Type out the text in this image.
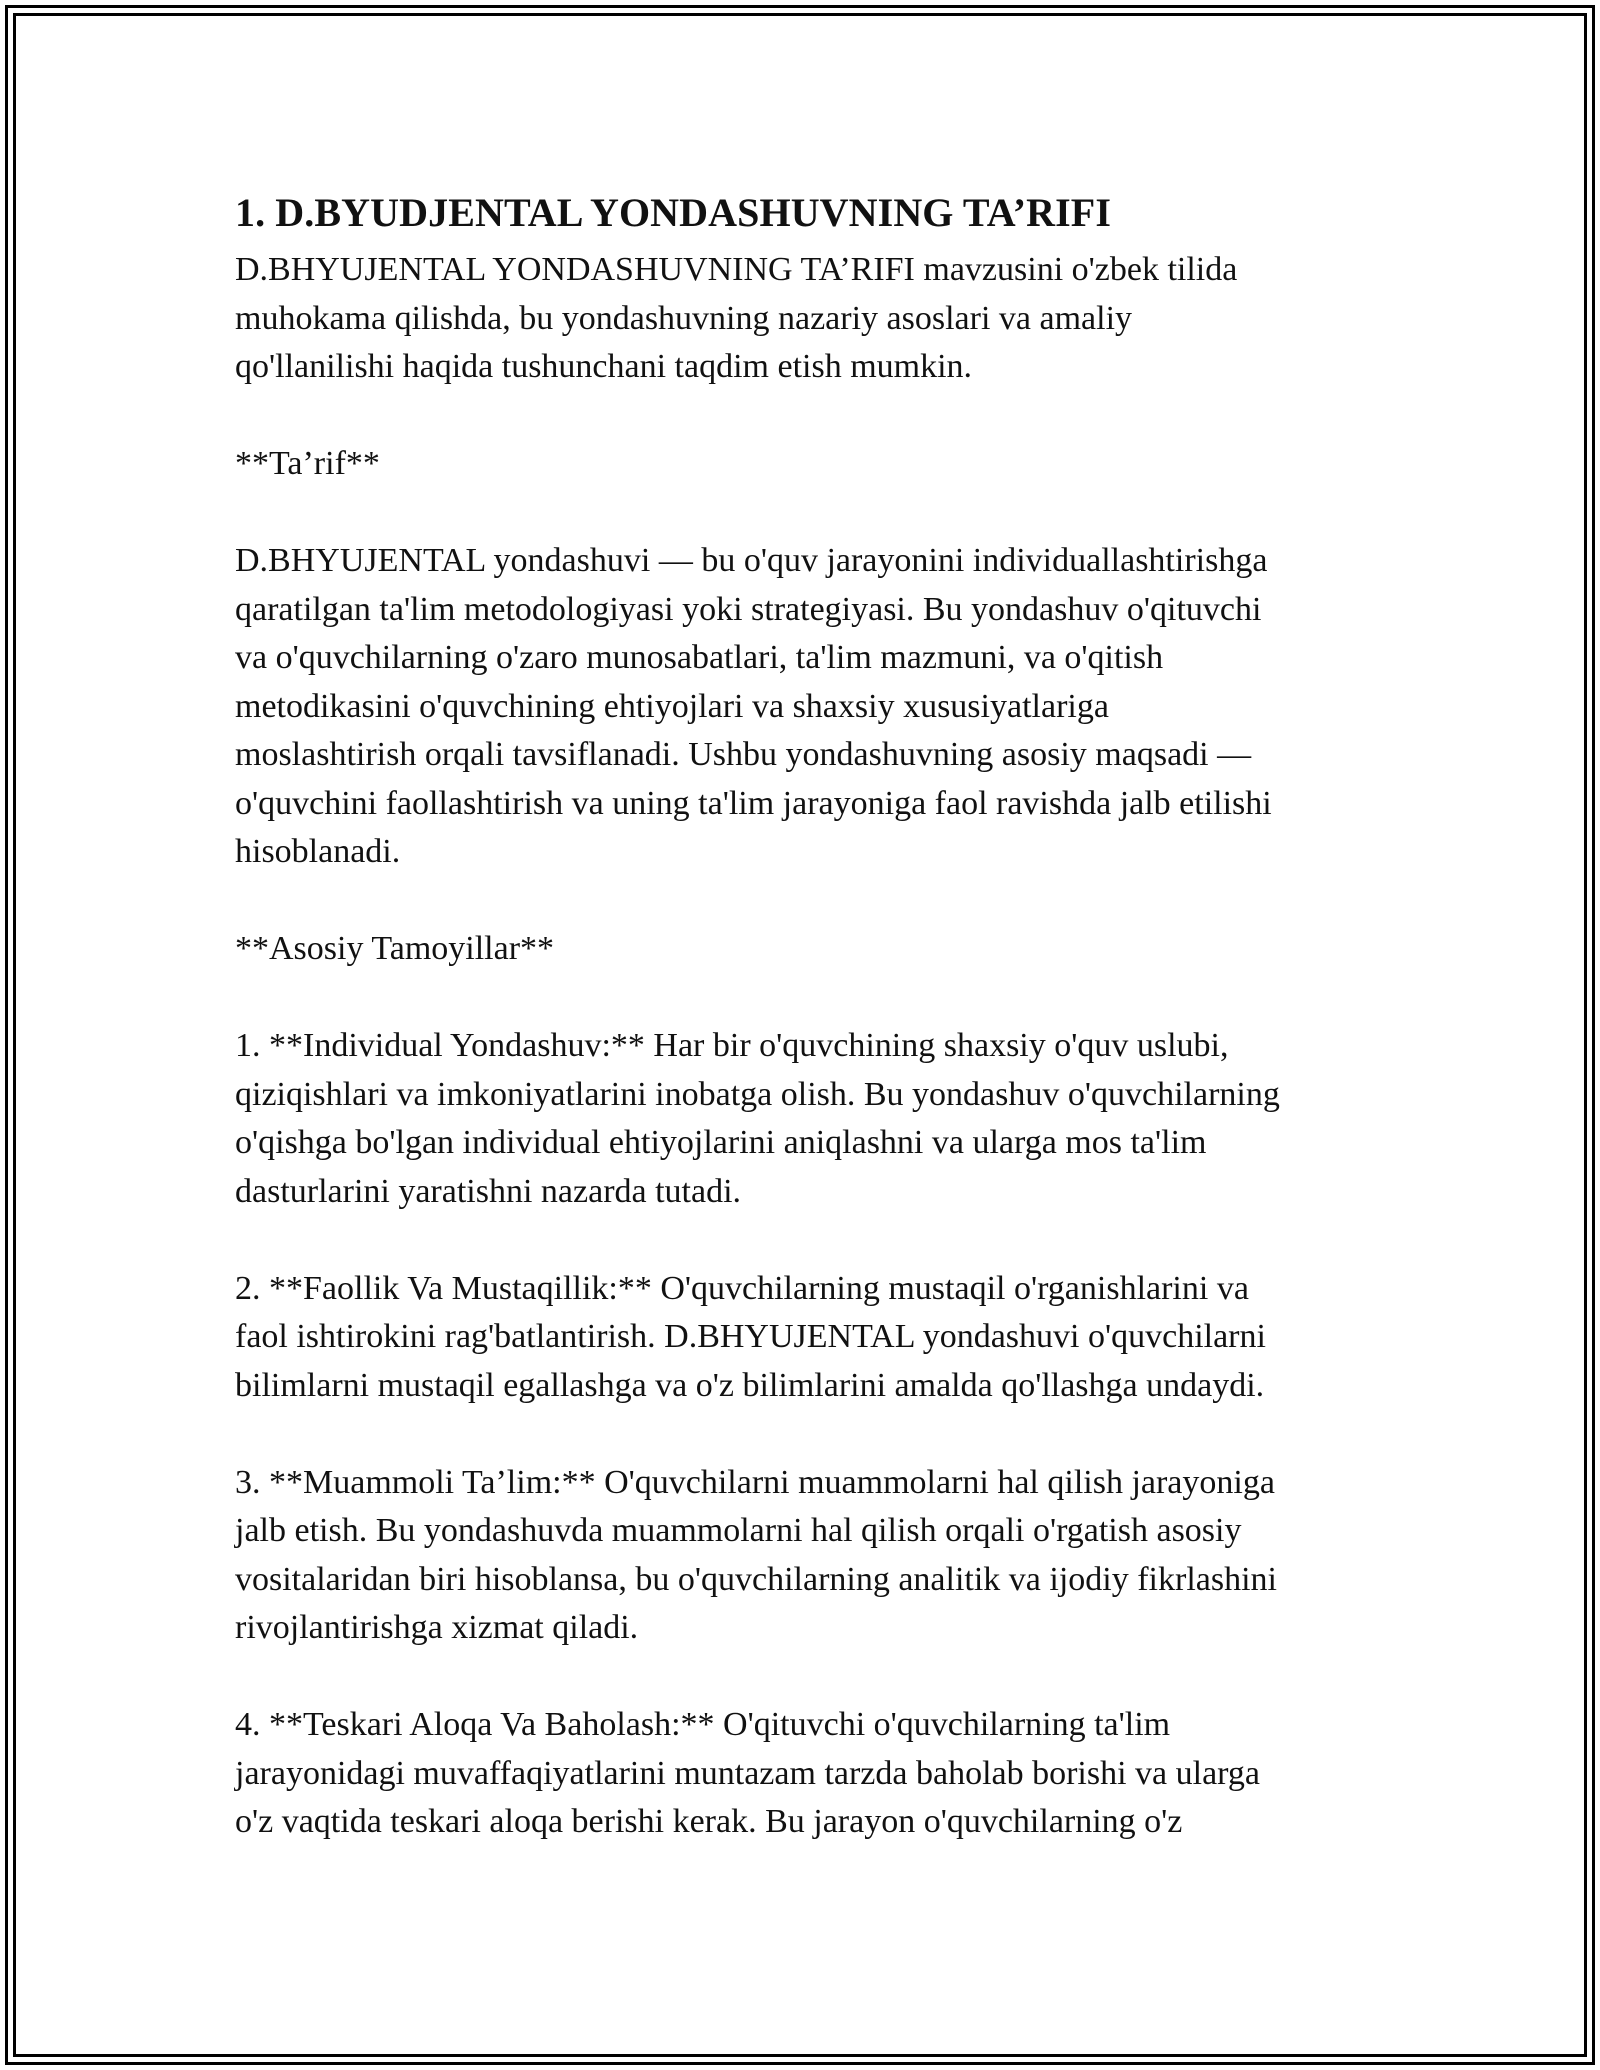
1. D.BYUDJENTAL YONDASHUVNING TA’RIFI
D.BHYUJENTAL YONDASHUVNING TA’RIFI mavzusini o'zbek tilida
muhokama qilishda, bu yondashuvning nazariy asoslari va amaliy
qo'llanilishi haqida tushunchani taqdim etish mumkin.
**Ta’rif**
D.BHYUJENTAL yondashuvi — bu o'quv jarayonini individuallashtirishga
qaratilgan ta'lim metodologiyasi yoki strategiyasi. Bu yondashuv o'qituvchi
va o'quvchilarning o'zaro munosabatlari, ta'lim mazmuni, va o'qitish
metodikasini o'quvchining ehtiyojlari va shaxsiy xususiyatlariga
moslashtirish orqali tavsiflanadi. Ushbu yondashuvning asosiy maqsadi —
o'quvchini faollashtirish va uning ta'lim jarayoniga faol ravishda jalb etilishi
hisoblanadi.
**Asosiy Tamoyillar**
1. **Individual Yondashuv:** Har bir o'quvchining shaxsiy o'quv uslubi,
qiziqishlari va imkoniyatlarini inobatga olish. Bu yondashuv o'quvchilarning
o'qishga bo'lgan individual ehtiyojlarini aniqlashni va ularga mos ta'lim
dasturlarini yaratishni nazarda tutadi.
2. **Faollik Va Mustaqillik:** O'quvchilarning mustaqil o'rganishlarini va
faol ishtirokini rag'batlantirish. D.BHYUJENTAL yondashuvi o'quvchilarni
bilimlarni mustaqil egallashga va o'z bilimlarini amalda qo'llashga undaydi.
3. **Muammoli Ta’lim:** O'quvchilarni muammolarni hal qilish jarayoniga
jalb etish. Bu yondashuvda muammolarni hal qilish orqali o'rgatish asosiy
vositalaridan biri hisoblansa, bu o'quvchilarning analitik va ijodiy fikrlashini
rivojlantirishga xizmat qiladi.
4. **Teskari Aloqa Va Baholash:** O'qituvchi o'quvchilarning ta'lim
jarayonidagi muvaffaqiyatlarini muntazam tarzda baholab borishi va ularga
o'z vaqtida teskari aloqa berishi kerak. Bu jarayon o'quvchilarning o'z
